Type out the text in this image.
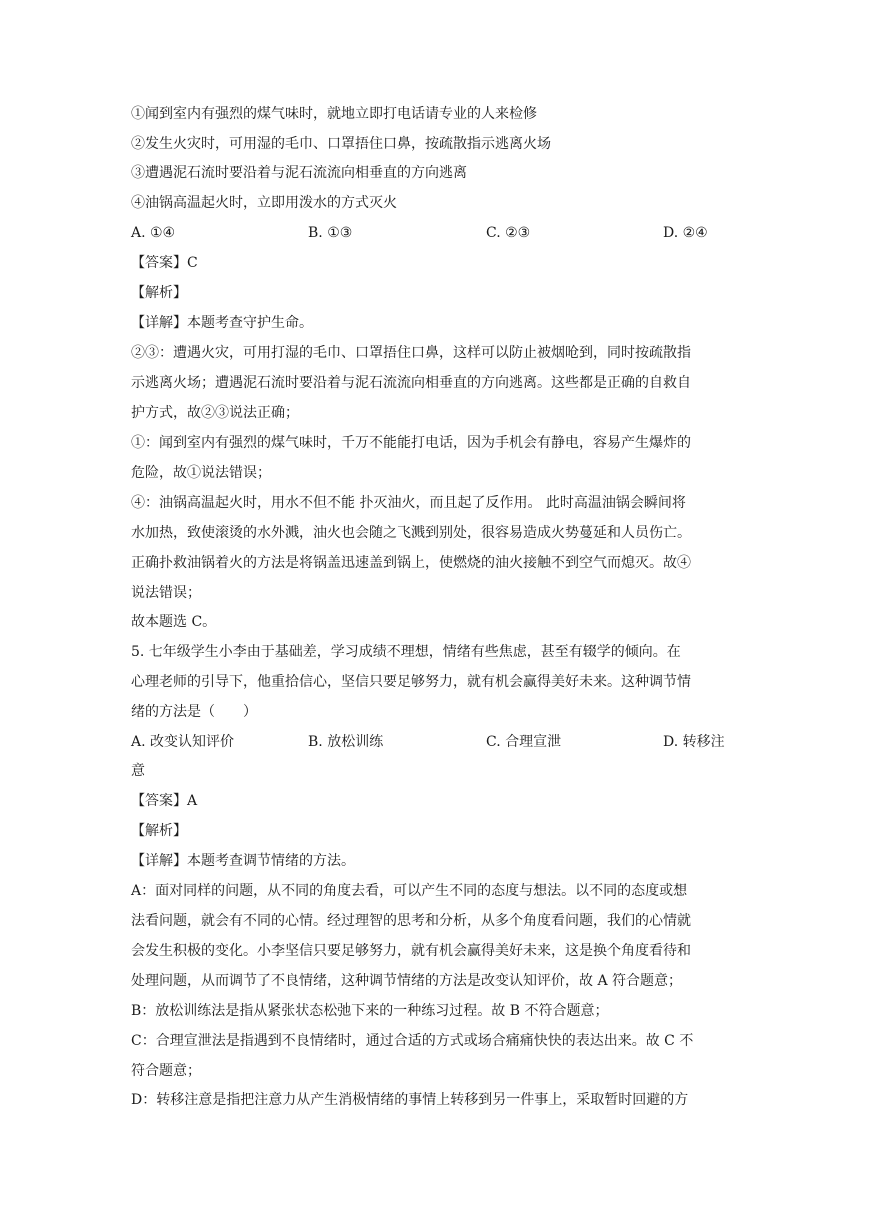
①闻到室内有强烈的煤气味时，就地立即打电话请专业的人来检修
②发生火灾时，可用湿的毛巾、口罩捂住口鼻，按疏散指示逃离火场
③遭遇泥石流时要沿着与泥石流流向相垂直的方向逃离
④油锅高温起火时，立即用泼水的方式灭火
A. ①④	B. ①③	C. ②③	D. ②④
【答案】C
【解析】
【详解】本题考查守护生命。
②③：遭遇火灾，可用打湿的毛巾、口罩捂住口鼻，这样可以防止被烟呛到，同时按疏散指
示逃离火场；遭遇泥石流时要沿着与泥石流流向相垂直的方向逃离。这些都是正确的自救自
护方式，故②③说法正确；
①：闻到室内有强烈的煤气味时，千万不能能打电话，因为手机会有静电，容易产生爆炸的
危险，故①说法错误；
④：油锅高温起火时，用水不但不能 扑灭油火，而且起了反作用。 此时高温油锅会瞬间将
水加热，致使滚烫的水外溅，油火也会随之飞溅到别处，很容易造成火势蔓延和人员伤亡。
正确扑救油锅着火的方法是将锅盖迅速盖到锅上，使燃烧的油火接触不到空气而熄灭。故④
说法错误；
故本题选 C。
5. 七年级学生小李由于基础差，学习成绩不理想，情绪有些焦虑，甚至有辍学的倾向。在
心理老师的引导下，他重拾信心，坚信只要足够努力，就有机会赢得美好未来。这种调节情
绪的方法是（　　）
A. 改变认知评价	B. 放松训练	C. 合理宣泄	D. 转移注
意
【答案】A
【解析】
【详解】本题考查调节情绪的方法。
A：面对同样的问题，从不同的角度去看，可以产生不同的态度与想法。以不同的态度或想
法看问题，就会有不同的心情。经过理智的思考和分析，从多个角度看问题，我们的心情就
会发生积极的变化。小李坚信只要足够努力，就有机会赢得美好未来，这是换个角度看待和
处理问题，从而调节了不良情绪，这种调节情绪的方法是改变认知评价，故 A 符合题意；
B：放松训练法是指从紧张状态松弛下来的一种练习过程。故 B 不符合题意；
C：合理宣泄法是指遇到不良情绪时，通过合适的方式或场合痛痛快快的表达出来。故 C 不
符合题意；
D：转移注意是指把注意力从产生消极情绪的事情上转移到另一件事上，采取暂时回避的方
